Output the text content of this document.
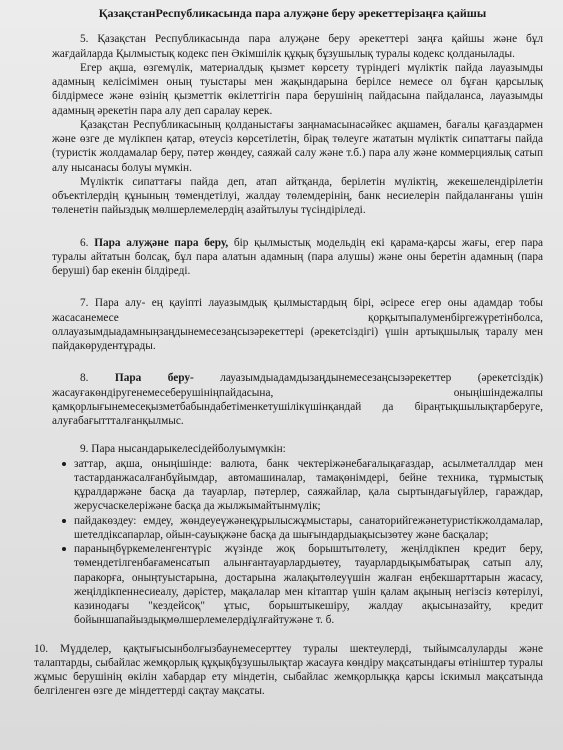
ҚазақстанРеспубликасында пара алуҗәне беру әрекеттерізаңға қайшы

5. Қазақстан Республикасында пара алуҗәне беру әрекеттері заңға қайшы және бұл жағдайларда Қылмыстық кодекс пен Әкімшілік құқық бұзушылық туралы кодекс қолданылады.

Егер ақша, өзгемүлік, материалдық қызмет көрсету түріндегі мүліктік пайда лауазымды адамның келісімімен оның туыстары мен жақындарына берілсе немесе ол бұған қарсылық білдірмесе және өзінің қызметтік өкілеттігін пара берушінің пайдасына пайдаланса, лауазымды адамның әрекетін пара алу деп саралау керек.

Қазақстан Республикасының қолданыстағы заңнамасынасәйкес ақшамен, бағалы қағаздармен және өзге де мүлікпен қатар, өтеусіз көрсетілетін, бірақ төлеуге жататын мүліктік сипаттағы пайда (туристік жолдамалар беру, пәтер жөндеу, саяжай салу және т.б.) пара алу және коммерциялық сатып алу нысанасы болуы мүмкін.

Мүліктік сипаттағы пайда деп, атап айтқанда, берілетін мүліктің, жекешелендірілетін объектілердің құнының төмендетілуі, жалдау төлемдерінің, банк несиелерін пайдаланғаны үшін төленетін пайыздық мөлшерлемелердің азайтылуы түсіндіріледі.

6. Пара алуҗәне пара беру, бір қылмыстық модельдің екі қарама-қарсы жағы, егер пара туралы айтатын болсақ, бұл пара алатын адамның (пара алушы) және оны беретін адамның (пара беруші) бар екенін білдіреді.

7. Пара алу- ең қауіпті лауазымдық қылмыстардың бірі, әсіресе егер оны адамдар тобы жасасанемесе қорқытыпалуменбіргежүретінболса, оллауазымдыадамныңзаңдынемесезаңсызәрекеттері (әрекетсіздігі) үшін артықшылық таралу мен пайдакөрудентұрады.

8. Пара беру- лауазымдыадамдызаңдынемесезаңсызәрекеттер (әрекетсіздік) жасауғакөндіругенемесеберушініңпайдасына, оныңішіндежалпы қамқорлығынемесеқызметбабындабетіменкетушілікүшінқандай да біраңтықшылықтарберуге, алуғабағыттталғанқылмыс.

9. Пара нысандарыкелесідейболуымүмкін:

заттар, ақша, оныңішінде: валюта, банк чектеріжәнебағалықағаздар, асылметаллдар мен тастарданжасалғанбұйымдар, автомашиналар, тамақөнімдері, бейне техника, тұрмыстық құралдаржәне басқа да тауарлар, пәтерлер, саяжайлар, қала сыртындағыүйлер, гараждар, жерусчаскелеріжәне басқа да жылжымайтынмүлік;
пайдакөздеу: емдеу, жөндеуеүжәнеқұрылысжұмыстары, санаторийгежәнетуристікжолдамалар, шетелдіксапарлар, ойын-сауықжәне басқа да шығындардыақысызөтеу және басқалар;
параныңбүркемеленгентүріс жүзінде жоқ борыштытөлету, жеңілдікпен кредит беру, төмендетілгенбағаменсатып алынғантауарлардыөтеу, тауарлардықымбатырақ сатып алу, паракорға, оныңтуыстарына, достарына жалақытөлеуүшін жалған еңбекшарттарын жасасу, жеңілдікпеннесиеалу, дәрістер, мақалалар мен кітаптар үшін қалам ақының негізсіз көтерілуі, казинодағы "кездейсоқ" ұтыс, борыштыкешіру, жалдау ақысыназайту, кредит бойыншапайыздықмөлшерлемелердіұлғайтужәне т. б.

10. Мүдделер, қақтығысынболғызбаунемесерттеу туралы шектеулерді, тыйымсалуларды және талаптарды, сыбайлас жемқорлық құқықбұзушылықтар жасауға көндіру мақсатындағы өтініштер туралы жұмыс берушінің өкілін хабардар ету міндетін, сыбайлас жемқорлыққа қарсы іскимыл мақсатында белгіленген өзге де міндеттерді сақтау мақсаты.
